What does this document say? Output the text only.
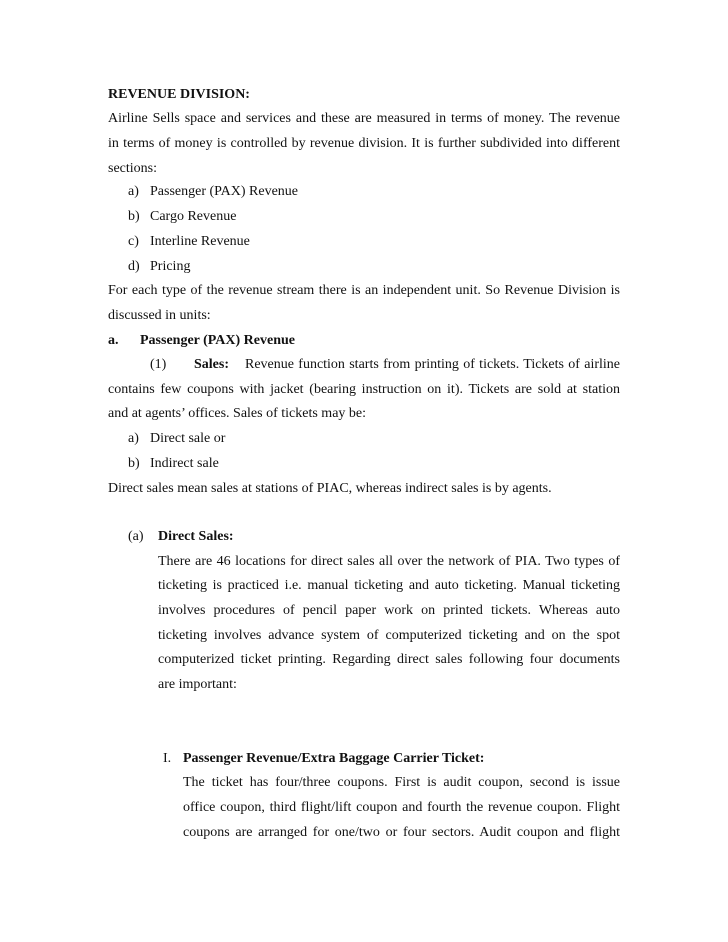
REVENUE DIVISION:
Airline Sells space and services and these are measured in terms of money. The revenue
in terms of money is controlled by revenue division. It is further subdivided into different
sections:
a) Passenger (PAX) Revenue
b) Cargo Revenue
c) Interline Revenue
d) Pricing
For each type of the revenue stream there is an independent unit. So Revenue Division is
discussed in units:
a. Passenger (PAX) Revenue
(1) Sales: Revenue function starts from printing of tickets. Tickets of airline
contains few coupons with jacket (bearing instruction on it). Tickets are sold at station
and at agents’ offices. Sales of tickets may be:
a) Direct sale or
b) Indirect sale
Direct sales mean sales at stations of PIAC, whereas indirect sales is by agents.
(a) Direct Sales:
There are 46 locations for direct sales all over the network of PIA. Two types of
ticketing is practiced i.e. manual ticketing and auto ticketing. Manual ticketing
involves procedures of pencil paper work on printed tickets. Whereas auto
ticketing involves advance system of computerized ticketing and on the spot
computerized ticket printing. Regarding direct sales following four documents
are important:
I. Passenger Revenue/Extra Baggage Carrier Ticket:
The ticket has four/three coupons. First is audit coupon, second is issue
office coupon, third flight/lift coupon and fourth the revenue coupon. Flight
coupons are arranged for one/two or four sectors. Audit coupon and flight
